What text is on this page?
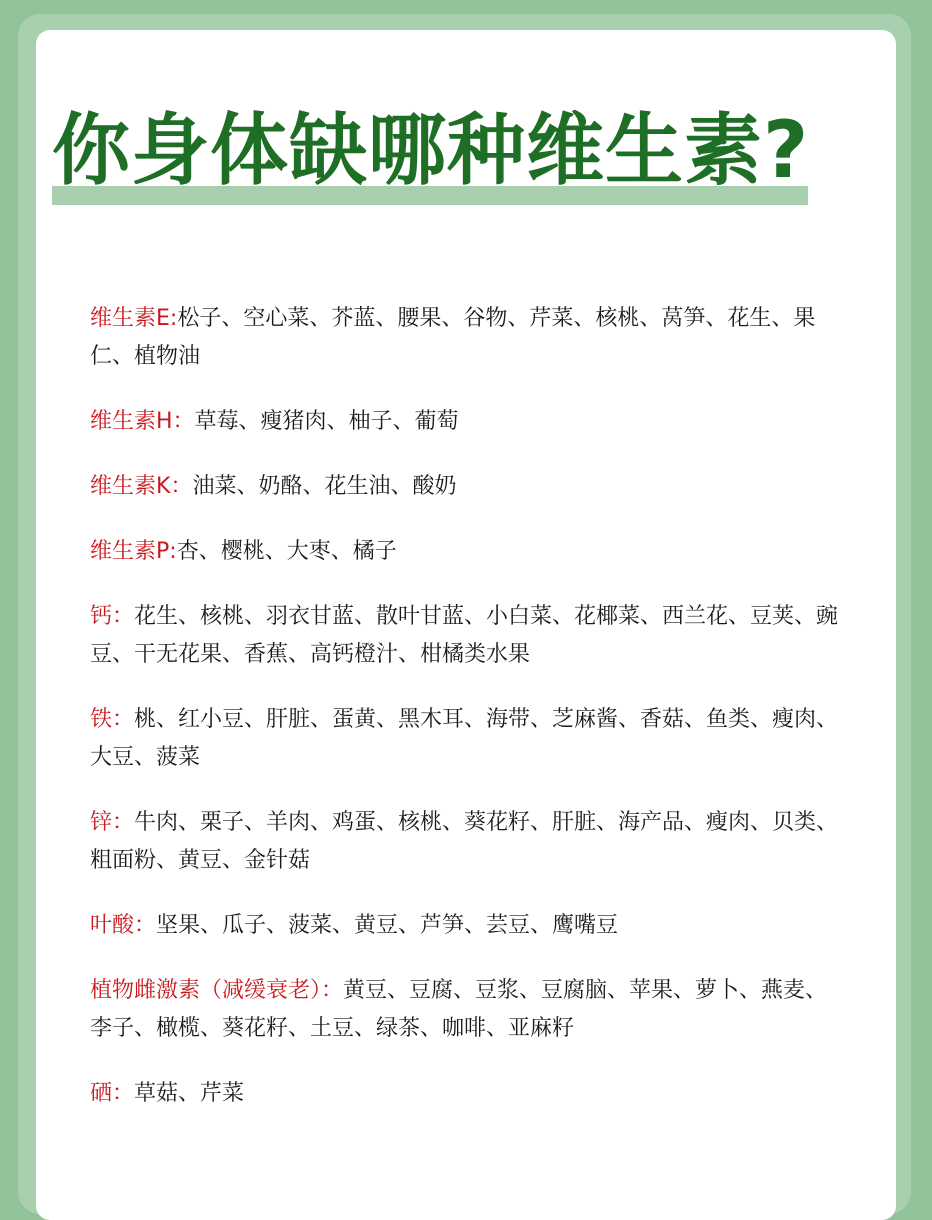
你身体缺哪种维生素?
维生素E:松子、空心菜、芥蓝、腰果、谷物、芹菜、核桃、莴笋、花生、果仁、植物油
维生素H：草莓、瘦猪肉、柚子、葡萄
维生素K：油菜、奶酪、花生油、酸奶
维生素P:杏、樱桃、大枣、橘子
钙：花生、核桃、羽衣甘蓝、散叶甘蓝、小白菜、花椰菜、西兰花、豆荚、豌豆、干无花果、香蕉、高钙橙汁、柑橘类水果
铁：桃、红小豆、肝脏、蛋黄、黑木耳、海带、芝麻酱、香菇、鱼类、瘦肉、大豆、菠菜
锌：牛肉、栗子、羊肉、鸡蛋、核桃、葵花籽、肝脏、海产品、瘦肉、贝类、粗面粉、黄豆、金针菇
叶酸：坚果、瓜子、菠菜、黄豆、芦笋、芸豆、鹰嘴豆
植物雌激素（减缓衰老）：黄豆、豆腐、豆浆、豆腐脑、苹果、萝卜、燕麦、李子、橄榄、葵花籽、土豆、绿茶、咖啡、亚麻籽
硒：草菇、芹菜
